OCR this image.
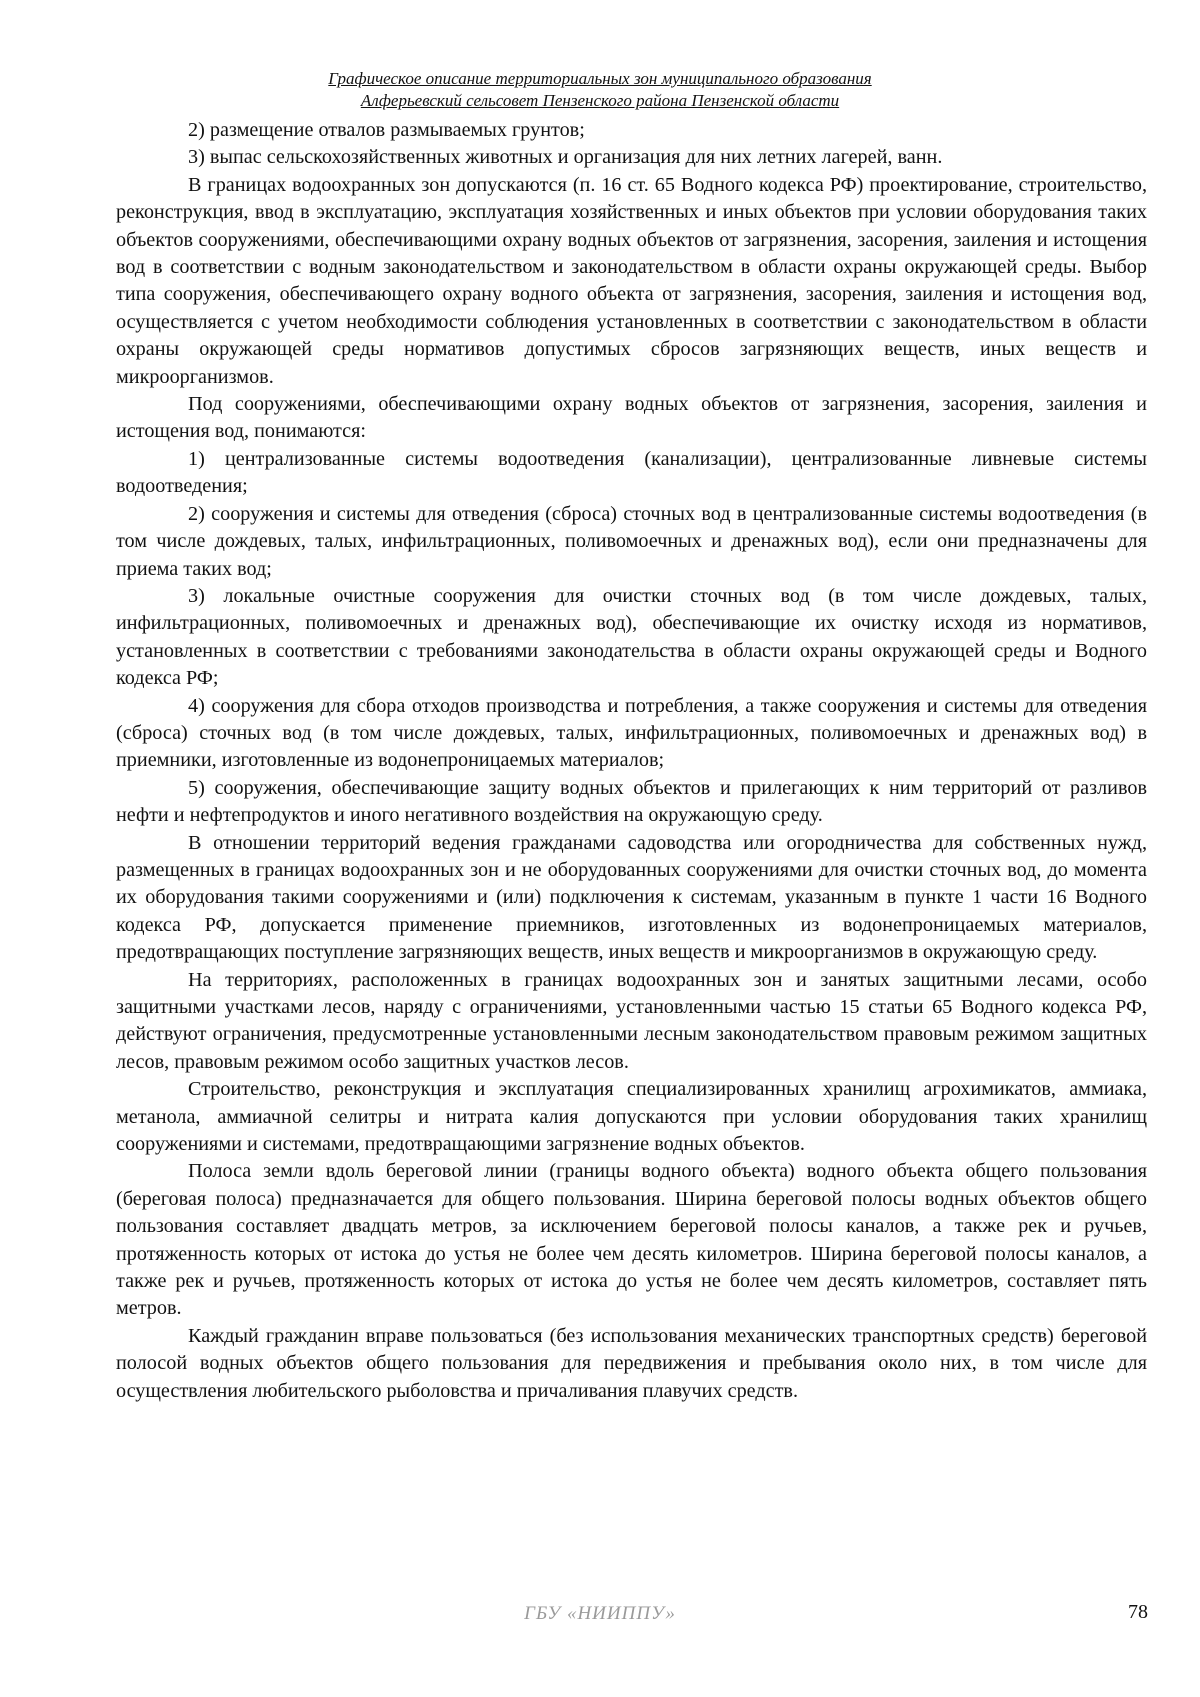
Графическое описание территориальных зон муниципального образования
Алферьевский сельсовет Пензенского района Пензенской области

2) размещение отвалов размываемых грунтов;

3) выпас сельскохозяйственных животных и организация для них летних лагерей, ванн.

В границах водоохранных зон допускаются (п. 16 ст. 65 Водного кодекса РФ) проектирование, строительство, реконструкция, ввод в эксплуатацию, эксплуатация хозяйственных и иных объектов при условии оборудования таких объектов сооружениями, обеспечивающими охрану водных объектов от загрязнения, засорения, заиления и истощения вод в соответствии с водным законодательством и законодательством в области охраны окружающей среды. Выбор типа сооружения, обеспечивающего охрану водного объекта от загрязнения, засорения, заиления и истощения вод, осуществляется с учетом необходимости соблюдения установленных в соответствии с законодательством в области охраны окружающей среды нормативов допустимых сбросов загрязняющих веществ, иных веществ и микроорганизмов.

Под сооружениями, обеспечивающими охрану водных объектов от загрязнения, засорения, заиления и истощения вод, понимаются:

1) централизованные системы водоотведения (канализации), централизованные ливневые системы водоотведения;

2) сооружения и системы для отведения (сброса) сточных вод в централизованные системы водоотведения (в том числе дождевых, талых, инфильтрационных, поливомоечных и дренажных вод), если они предназначены для приема таких вод;

3) локальные очистные сооружения для очистки сточных вод (в том числе дождевых, талых, инфильтрационных, поливомоечных и дренажных вод), обеспечивающие их очистку исходя из нормативов, установленных в соответствии с требованиями законодательства в области охраны окружающей среды и Водного кодекса РФ;

4) сооружения для сбора отходов производства и потребления, а также сооружения и системы для отведения (сброса) сточных вод (в том числе дождевых, талых, инфильтрационных, поливомоечных и дренажных вод) в приемники, изготовленные из водонепроницаемых материалов;

5) сооружения, обеспечивающие защиту водных объектов и прилегающих к ним территорий от разливов нефти и нефтепродуктов и иного негативного воздействия на окружающую среду.

В отношении территорий ведения гражданами садоводства или огородничества для собственных нужд, размещенных в границах водоохранных зон и не оборудованных сооружениями для очистки сточных вод, до момента их оборудования такими сооружениями и (или) подключения к системам, указанным в пункте 1 части 16 Водного кодекса РФ, допускается применение приемников, изготовленных из водонепроницаемых материалов, предотвращающих поступление загрязняющих веществ, иных веществ и микроорганизмов в окружающую среду.

На территориях, расположенных в границах водоохранных зон и занятых защитными лесами, особо защитными участками лесов, наряду с ограничениями, установленными частью 15 статьи 65 Водного кодекса РФ, действуют ограничения, предусмотренные установленными лесным законодательством правовым режимом защитных лесов, правовым режимом особо защитных участков лесов.

Строительство, реконструкция и эксплуатация специализированных хранилищ агрохимикатов, аммиака, метанола, аммиачной селитры и нитрата калия допускаются при условии оборудования таких хранилищ сооружениями и системами, предотвращающими загрязнение водных объектов.

Полоса земли вдоль береговой линии (границы водного объекта) водного объекта общего пользования (береговая полоса) предназначается для общего пользования. Ширина береговой полосы водных объектов общего пользования составляет двадцать метров, за исключением береговой полосы каналов, а также рек и ручьев, протяженность которых от истока до устья не более чем десять километров. Ширина береговой полосы каналов, а также рек и ручьев, протяженность которых от истока до устья не более чем десять километров, составляет пять метров.

Каждый гражданин вправе пользоваться (без использования механических транспортных средств) береговой полосой водных объектов общего пользования для передвижения и пребывания около них, в том числе для осуществления любительского рыболовства и причаливания плавучих средств.

ГБУ «НИИППУ»	78
